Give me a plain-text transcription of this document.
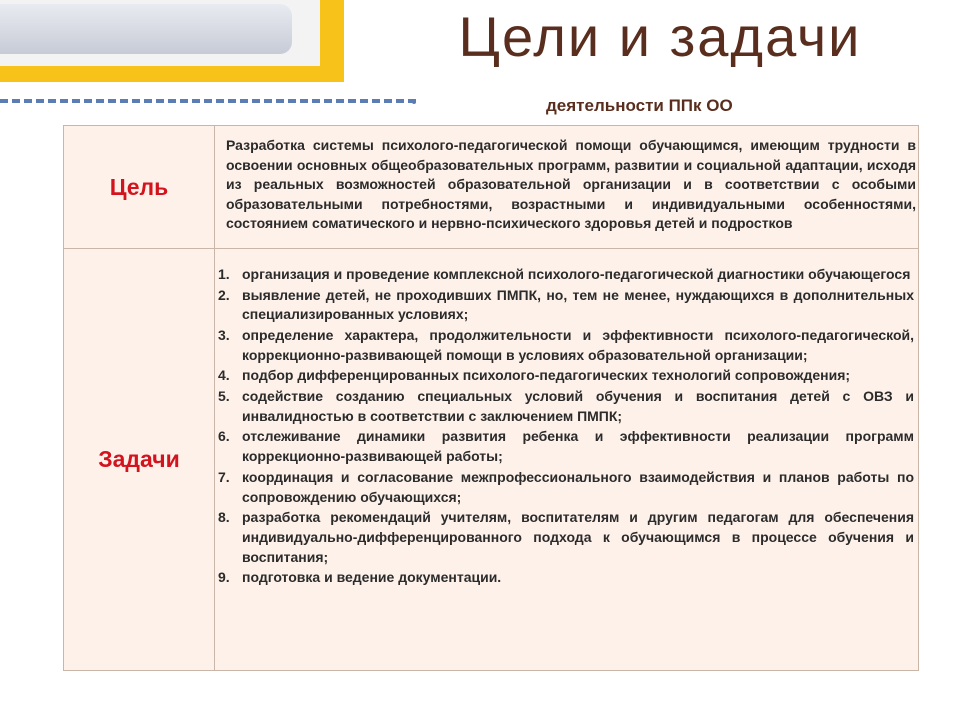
Цели и задачи

деятельности ППк ОО

Цель

Разработка системы психолого-педагогической помощи обучающимся, имеющим трудности в освоении основных общеобразовательных программ, развитии и социальной адаптации, исходя из реальных возможностей образовательной организации и в соответствии с особыми образовательными потребностями, возрастными и индивидуальными особенностями, состоянием соматического и нервно-психического здоровья детей и подростков

Задачи
1. организация и проведение комплексной психолого-педагогической диагностики обучающегося
2. выявление детей, не проходивших ПМПК, но, тем не менее, нуждающихся в дополнительных специализированных условиях;
3. определение характера, продолжительности и эффективности психолого-педагогической, коррекционно-развивающей помощи в условиях образовательной организации;
4. подбор дифференцированных психолого-педагогических технологий сопровождения;
5. содействие созданию специальных условий обучения и воспитания детей с ОВЗ и инвалидностью в соответствии с заключением ПМПК;
6. отслеживание динамики развития ребенка и эффективности реализации программ коррекционно-развивающей работы;
7. координация и согласование межпрофессионального взаимодействия и планов работы по сопровождению обучающихся;
8. разработка рекомендаций учителям, воспитателям и другим педагогам для обеспечения индивидуально-дифференцированного подхода к обучающимся в процессе обучения и воспитания;
9. подготовка и ведение документации.
